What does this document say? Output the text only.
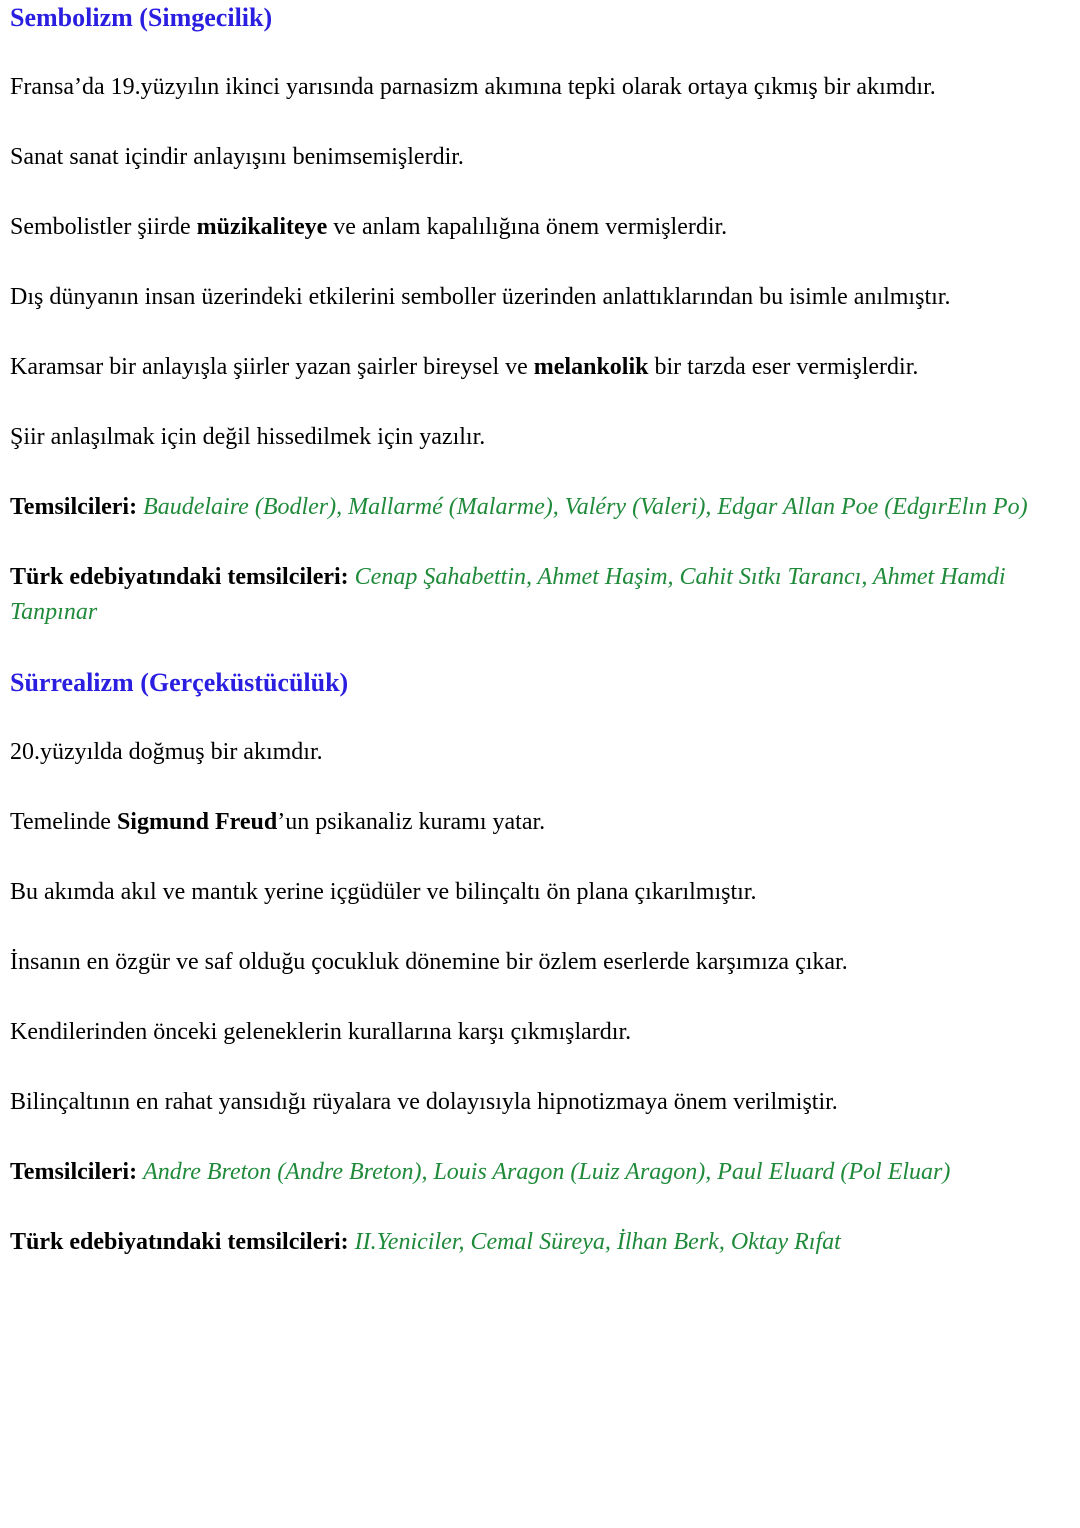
Sembolizm (Simgecilik)

Fransa’da 19.yüzyılın ikinci yarısında parnasizm akımına tepki olarak ortaya çıkmış bir akımdır.

Sanat sanat içindir anlayışını benimsemişlerdir.

Sembolistler şiirde müzikaliteye ve anlam kapalılığına önem vermişlerdir.

Dış dünyanın insan üzerindeki etkilerini semboller üzerinden anlattıklarından bu isimle anılmıştır.

Karamsar bir anlayışla şiirler yazan şairler bireysel ve melankolik bir tarzda eser vermişlerdir.

Şiir anlaşılmak için değil hissedilmek için yazılır.

Temsilcileri: Baudelaire (Bodler), Mallarmé (Malarme), Valéry (Valeri), Edgar Allan Poe (EdgırElın Po)

Türk edebiyatındaki temsilcileri: Cenap Şahabettin, Ahmet Haşim, Cahit Sıtkı Tarancı, Ahmet Hamdi Tanpınar

Sürrealizm (Gerçeküstücülük)

20.yüzyılda doğmuş bir akımdır.

Temelinde Sigmund Freud’un psikanaliz kuramı yatar.

Bu akımda akıl ve mantık yerine içgüdüler ve bilinçaltı ön plana çıkarılmıştır.

İnsanın en özgür ve saf olduğu çocukluk dönemine bir özlem eserlerde karşımıza çıkar.

Kendilerinden önceki geleneklerin kurallarına karşı çıkmışlardır.

Bilinçaltının en rahat yansıdığı rüyalara ve dolayısıyla hipnotizmaya önem verilmiştir.

Temsilcileri: Andre Breton (Andre Breton), Louis Aragon (Luiz Aragon), Paul Eluard (Pol Eluar)

Türk edebiyatındaki temsilcileri: II.Yeniciler, Cemal Süreya, İlhan Berk, Oktay Rıfat
